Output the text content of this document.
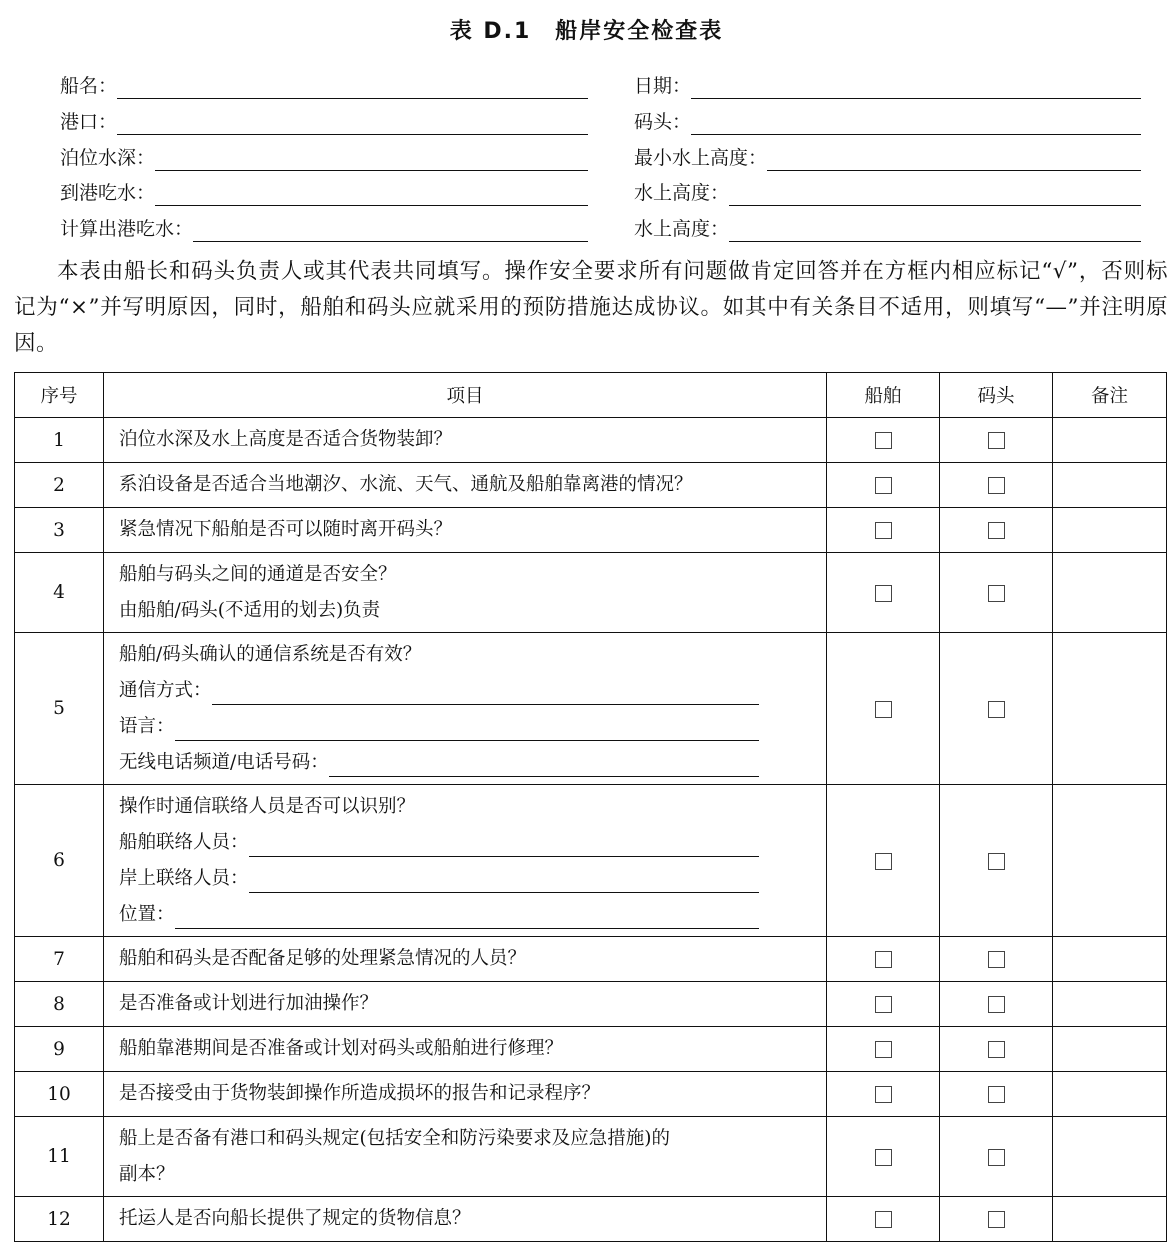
表 D.1　船岸安全检查表
船名：
港口：
泊位水深：
到港吃水：
计算出港吃水：
日期：
码头：
最小水上高度：
水上高度：
水上高度：
本表由船长和码头负责人或其代表共同填写。操作安全要求所有问题做肯定回答并在方框内相应标记“√”，否则标记为“×”并写明原因，同时，船舶和码头应就采用的预防措施达成协议。如其中有关条目不适用，则填写“—”并注明原因。
序号	项目	船舶	码头	备注
1	泊位水深及水上高度是否适合货物装卸？			

2	系泊设备是否适合当地潮汐、水流、天气、通航及船舶靠离港的情况？			

3	紧急情况下船舶是否可以随时离开码头？			

4	船舶与码头之间的通道是否安全？
由船舶/码头(不适用的划去)负责			

5	船舶/码头确认的通信系统是否有效？
通信方式：
语言：
无线电话频道/电话号码：			

6	操作时通信联络人员是否可以识别？
船舶联络人员：
岸上联络人员：
位置：			

7	船舶和码头是否配备足够的处理紧急情况的人员？			

8	是否准备或计划进行加油操作？			

9	船舶靠港期间是否准备或计划对码头或船舶进行修理？			

10	是否接受由于货物装卸操作所造成损坏的报告和记录程序？			

11	船上是否备有港口和码头规定(包括安全和防污染要求及应急措施)的
副本？			

12	托运人是否向船长提供了规定的货物信息？			
